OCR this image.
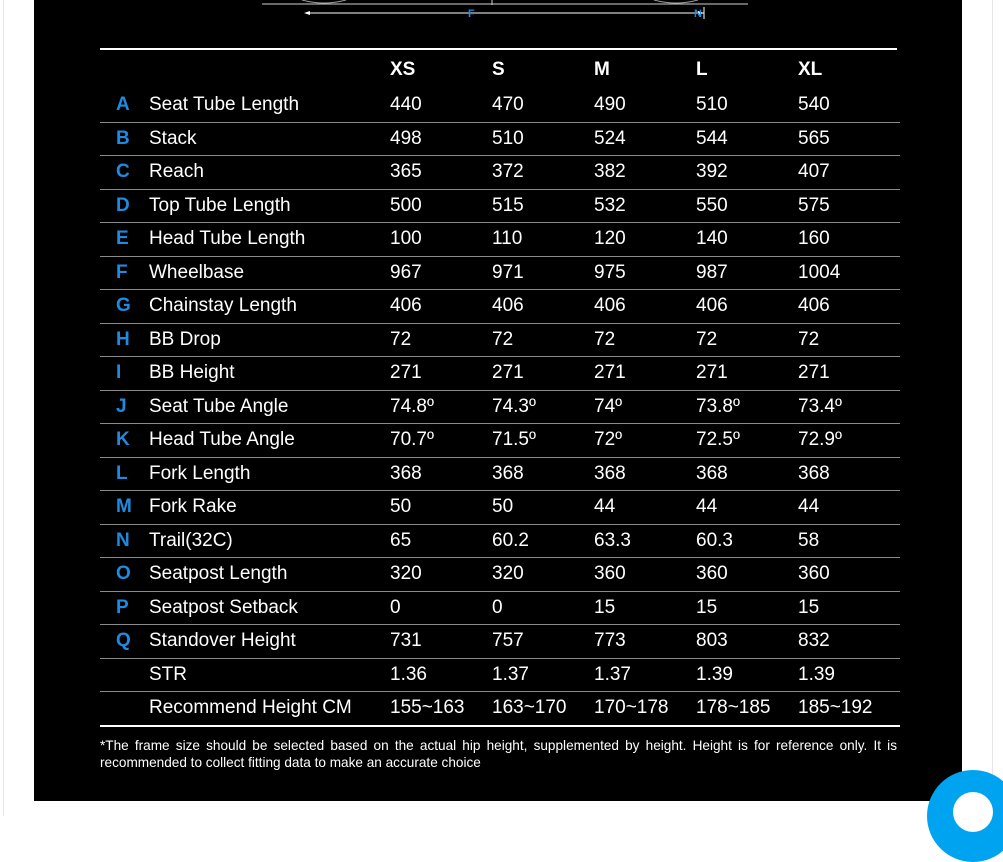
F	N
		XS	S	M	L	XL
A	Seat Tube Length	440	470	490	510	540
B	Stack	498	510	524	544	565
C	Reach	365	372	382	392	407
D	Top Tube Length	500	515	532	550	575
E	Head Tube Length	100	110	120	140	160
F	Wheelbase	967	971	975	987	1004
G	Chainstay Length	406	406	406	406	406
H	BB Drop	72	72	72	72	72
I	BB Height	271	271	271	271	271
J	Seat Tube Angle	74.8º	74.3º	74º	73.8º	73.4º
K	Head Tube Angle	70.7º	71.5º	72º	72.5º	72.9º
L	Fork Length	368	368	368	368	368
M	Fork Rake	50	50	44	44	44
N	Trail(32C)	65	60.2	63.3	60.3	58
O	Seatpost Length	320	320	360	360	360
P	Seatpost Setback	0	0	15	15	15
Q	Standover Height	731	757	773	803	832
	STR	1.36	1.37	1.37	1.39	1.39
	Recommend Height CM	155~163	163~170	170~178	178~185	185~192
*The frame size should be selected based on the actual hip height, supplemented by height. Height is for reference only. It is recommended to collect fitting data to make an accurate choice
